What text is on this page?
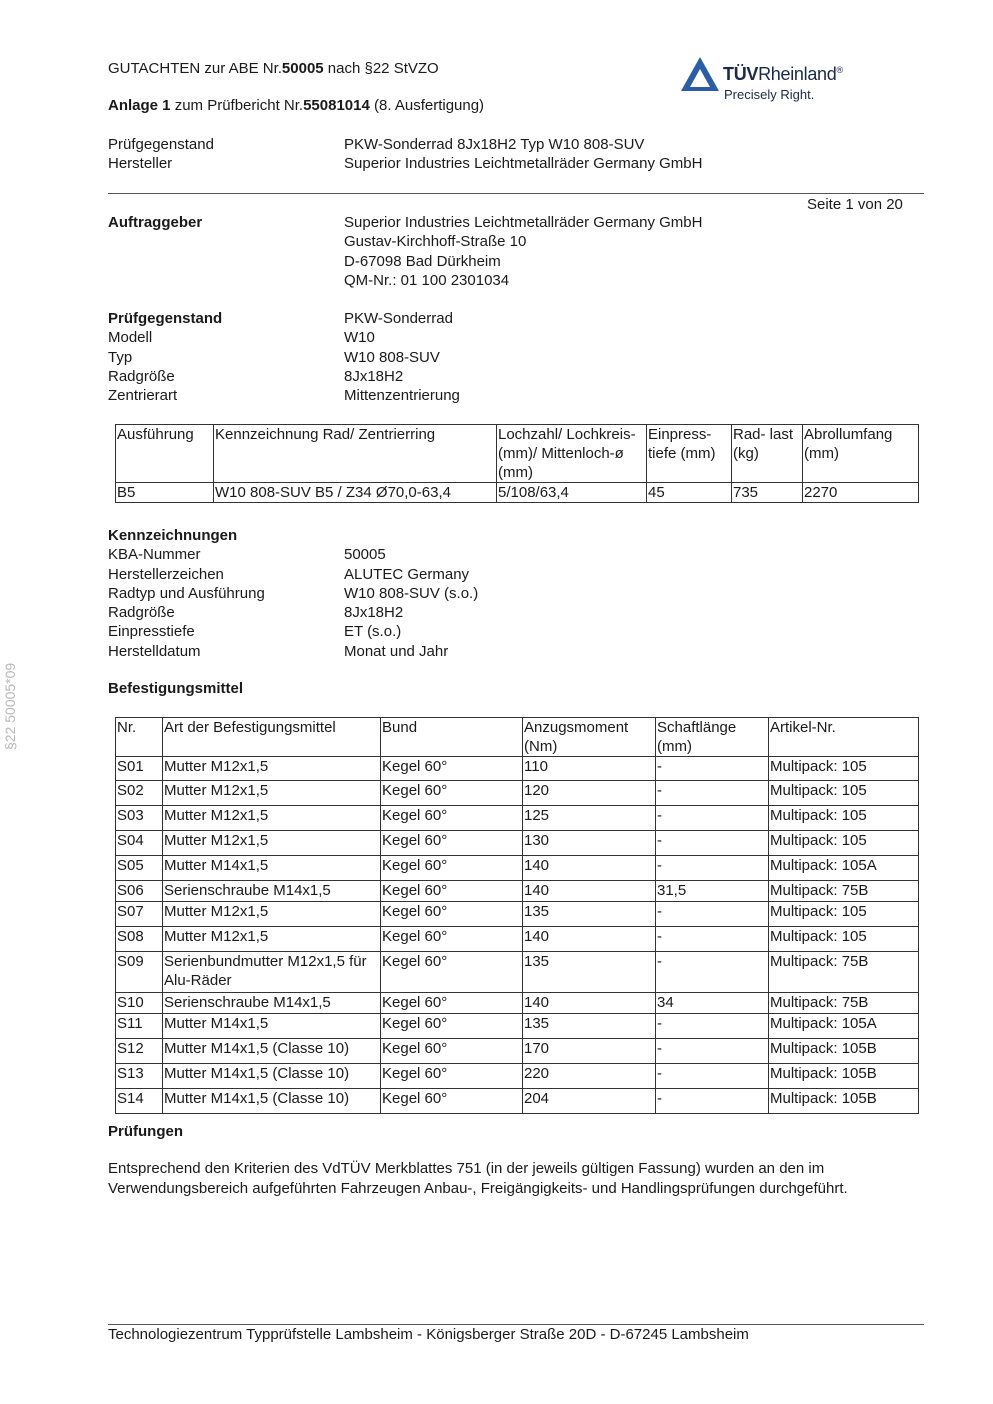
GUTACHTEN zur ABE Nr.50005 nach §22 StVZO
Anlage 1 zum Prüfbericht Nr.55081014 (8. Ausfertigung)
Prüfgegenstand	PKW-Sonderrad 8Jx18H2 Typ W10 808-SUV
Hersteller	Superior Industries Leichtmetallräder Germany GmbH
TÜVRheinland®
Precisely Right.
Seite 1 von 20
Auftraggeber	Superior Industries Leichtmetallräder Germany GmbH
Gustav-Kirchhoff-Straße 10
D-67098 Bad Dürkheim
QM-Nr.: 01 100 2301034
Prüfgegenstand	PKW-Sonderrad
Modell	W10
Typ	W10 808-SUV
Radgröße	8Jx18H2
Zentrierart	Mittenzentrierung
Ausführung	Kennzeichnung Rad/ Zentrierring	Lochzahl/ Lochkreis- (mm)/ Mittenloch-ø (mm)	Einpress- tiefe (mm)	Rad- last (kg)	Abrollumfang (mm)
B5	W10 808-SUV B5 / Z34 Ø70,0-63,4	5/108/63,4	45	735	2270
Kennzeichnungen
KBA-Nummer	50005
Herstellerzeichen	ALUTEC Germany
Radtyp und Ausführung	W10 808-SUV (s.o.)
Radgröße	8Jx18H2
Einpresstiefe	ET (s.o.)
Herstelldatum	Monat und Jahr
§22 50005*09	Befestigungsmittel
Nr.	Art der Befestigungsmittel	Bund	Anzugsmoment (Nm)	Schaftlänge (mm)	Artikel-Nr.
S01	Mutter M12x1,5	Kegel 60°	110	-	Multipack: 105
S02	Mutter M12x1,5	Kegel 60°	120	-	Multipack: 105
S03	Mutter M12x1,5	Kegel 60°	125	-	Multipack: 105
S04	Mutter M12x1,5	Kegel 60°	130	-	Multipack: 105
S05	Mutter M14x1,5	Kegel 60°	140	-	Multipack: 105A
S06	Serienschraube M14x1,5	Kegel 60°	140	31,5	Multipack: 75B
S07	Mutter M12x1,5	Kegel 60°	135	-	Multipack: 105
S08	Mutter M12x1,5	Kegel 60°	140	-	Multipack: 105
S09	Serienbundmutter M12x1,5 für Alu-Räder	Kegel 60°	135	-	Multipack: 75B
S10	Serienschraube M14x1,5	Kegel 60°	140	34	Multipack: 75B
S11	Mutter M14x1,5	Kegel 60°	135	-	Multipack: 105A
S12	Mutter M14x1,5 (Classe 10)	Kegel 60°	170	-	Multipack: 105B
S13	Mutter M14x1,5 (Classe 10)	Kegel 60°	220	-	Multipack: 105B
S14	Mutter M14x1,5 (Classe 10)	Kegel 60°	204	-	Multipack: 105B
Prüfungen
Entsprechend den Kriterien des VdTÜV Merkblattes 751 (in der jeweils gültigen Fassung) wurden an den im Verwendungsbereich aufgeführten Fahrzeugen Anbau-, Freigängigkeits- und Handlingsprüfungen durchgeführt.
Technologiezentrum Typprüfstelle Lambsheim - Königsberger Straße 20D - D-67245 Lambsheim
